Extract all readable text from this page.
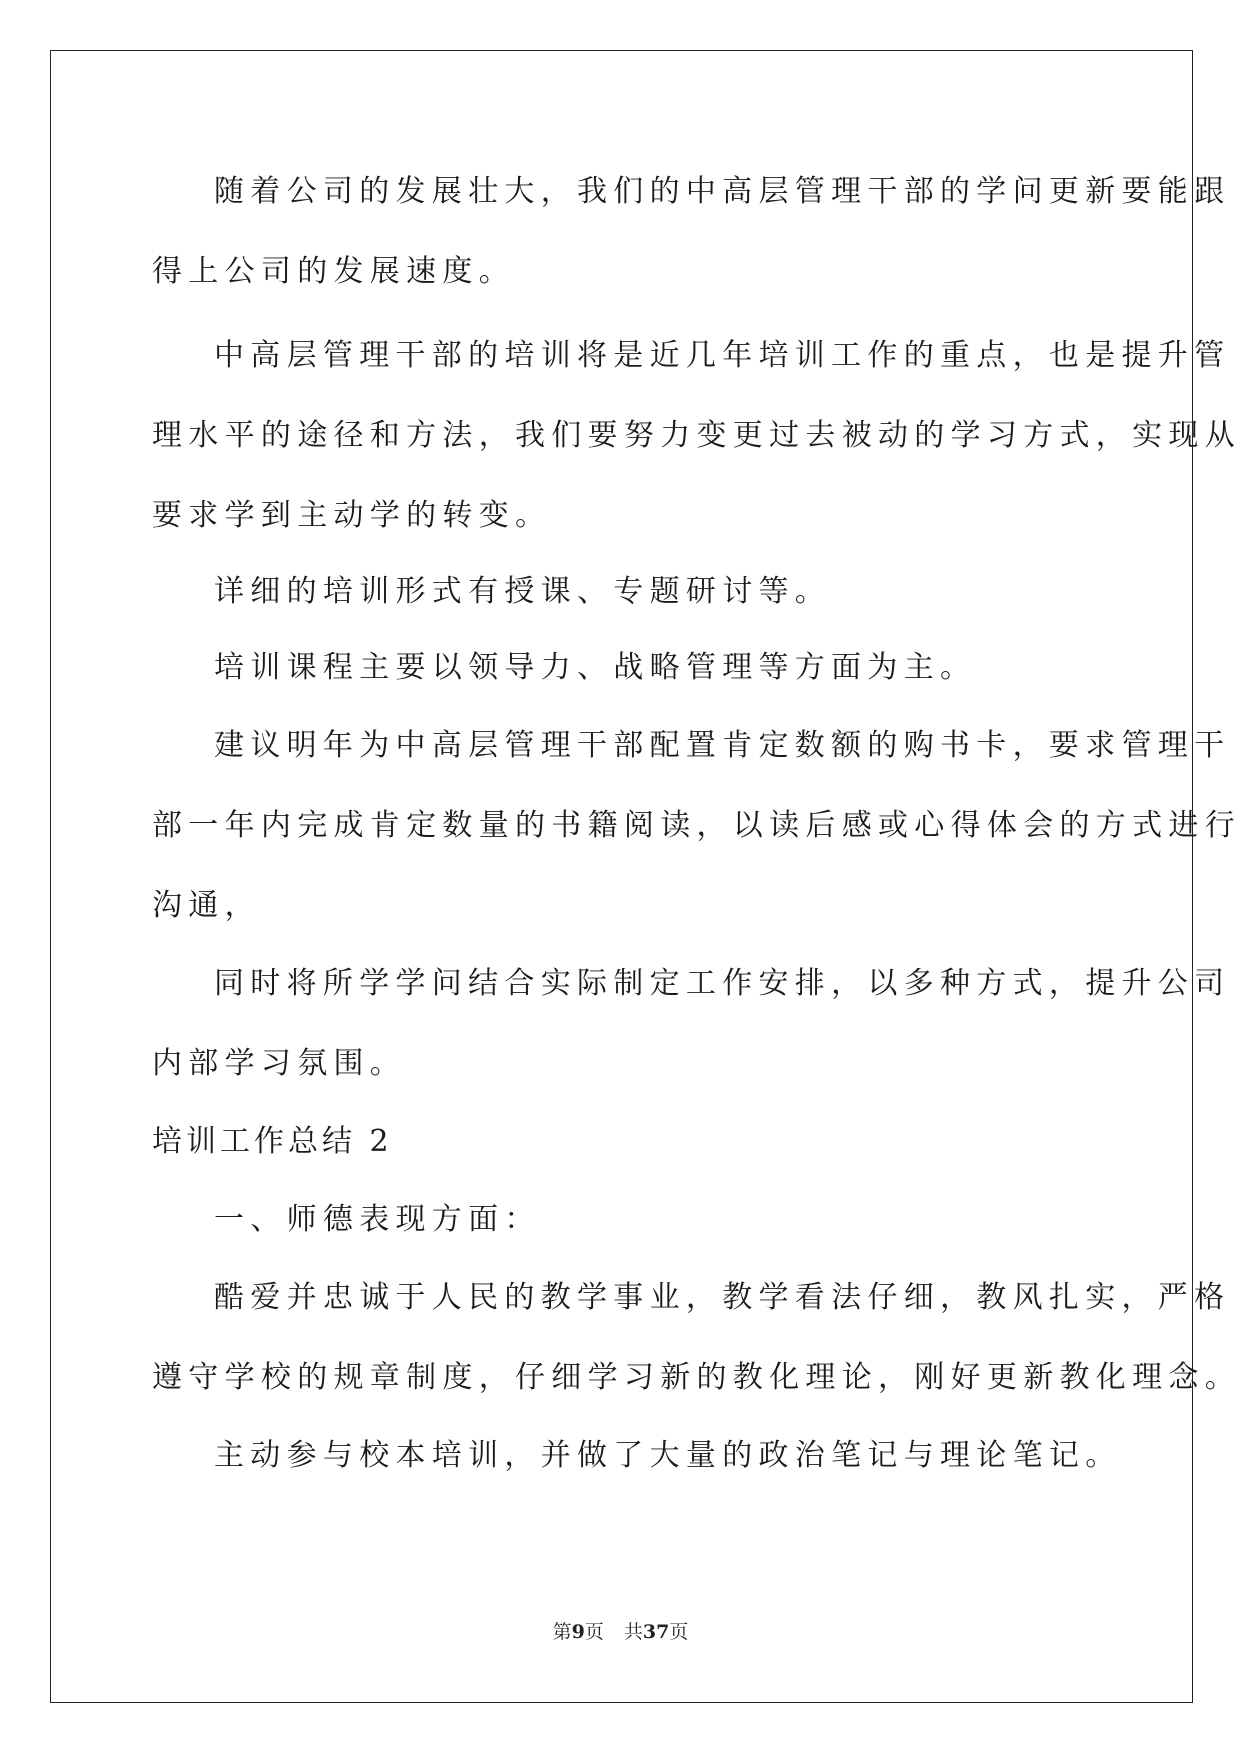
随着公司的发展壮大，我们的中高层管理干部的学问更新要能跟
得上公司的发展速度。
中高层管理干部的培训将是近几年培训工作的重点，也是提升管
理水平的途径和方法，我们要努力变更过去被动的学习方式，实现从
要求学到主动学的转变。
详细的培训形式有授课、专题研讨等。
培训课程主要以领导力、战略管理等方面为主。
建议明年为中高层管理干部配置肯定数额的购书卡，要求管理干
部一年内完成肯定数量的书籍阅读，以读后感或心得体会的方式进行
沟通，
同时将所学学问结合实际制定工作安排，以多种方式，提升公司
内部学习氛围。
培训工作总结 2
一、师德表现方面：
酷爱并忠诚于人民的教学事业，教学看法仔细，教风扎实，严格
遵守学校的规章制度，仔细学习新的教化理论，刚好更新教化理念。
主动参与校本培训，并做了大量的政治笔记与理论笔记。
第9页 共37页
